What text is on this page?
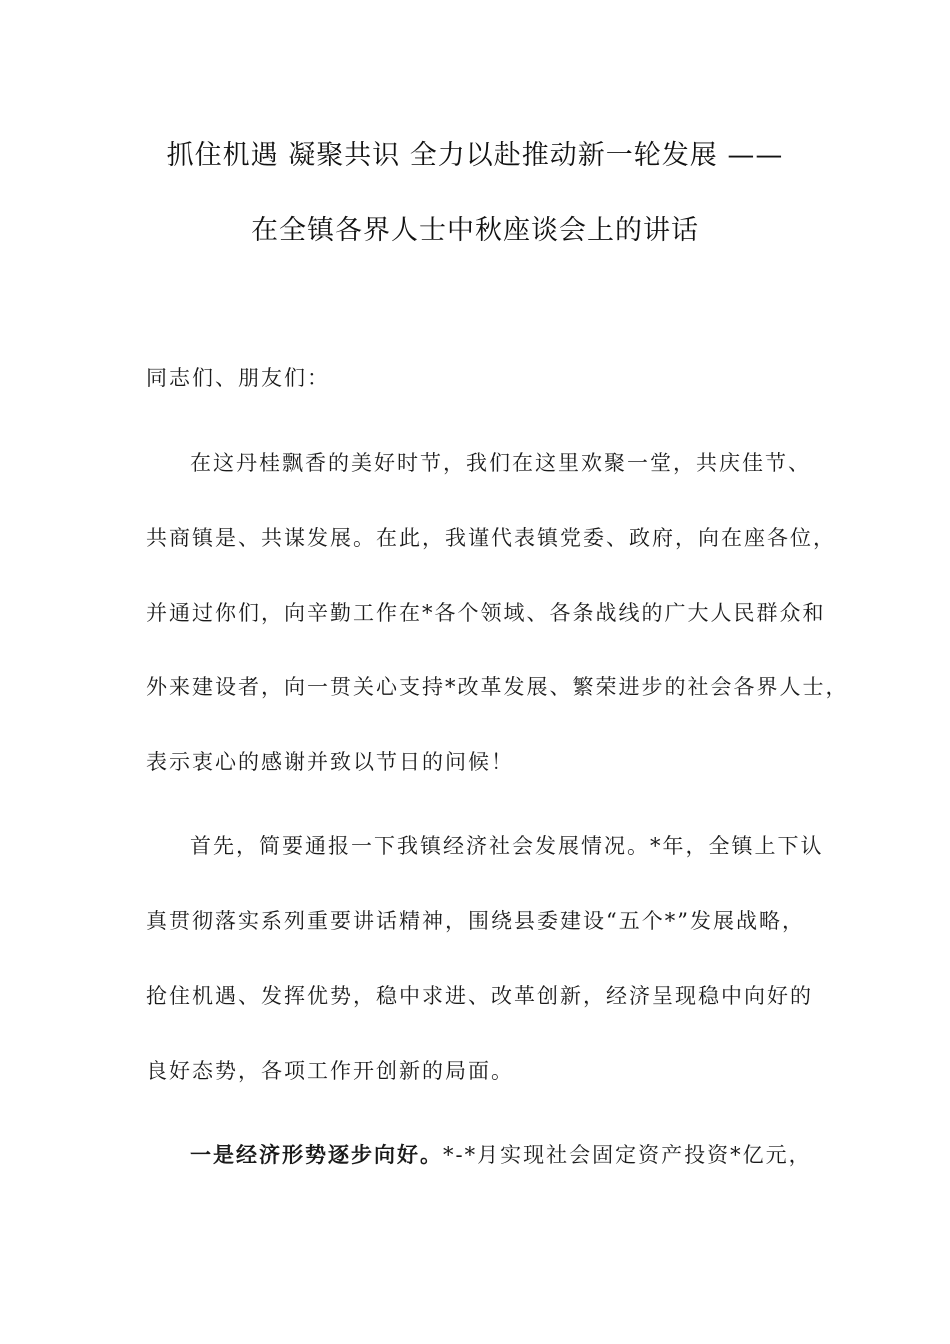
抓住机遇 凝聚共识 全力以赴推动新一轮发展 ——
在全镇各界人士中秋座谈会上的讲话
同志们、朋友们：
在这丹桂飘香的美好时节，我们在这里欢聚一堂，共庆佳节、
共商镇是、共谋发展。在此，我谨代表镇党委、政府，向在座各位，
并通过你们，向辛勤工作在*各个领域、各条战线的广大人民群众和
外来建设者，向一贯关心支持*改革发展、繁荣进步的社会各界人士，
表示衷心的感谢并致以节日的问候！
首先，简要通报一下我镇经济社会发展情况。*年，全镇上下认
真贯彻落实系列重要讲话精神，围绕县委建设“五个*”发展战略，
抢住机遇、发挥优势，稳中求进、改革创新，经济呈现稳中向好的
良好态势，各项工作开创新的局面。
一是经济形势逐步向好。*-*月实现社会固定资产投资*亿元，
